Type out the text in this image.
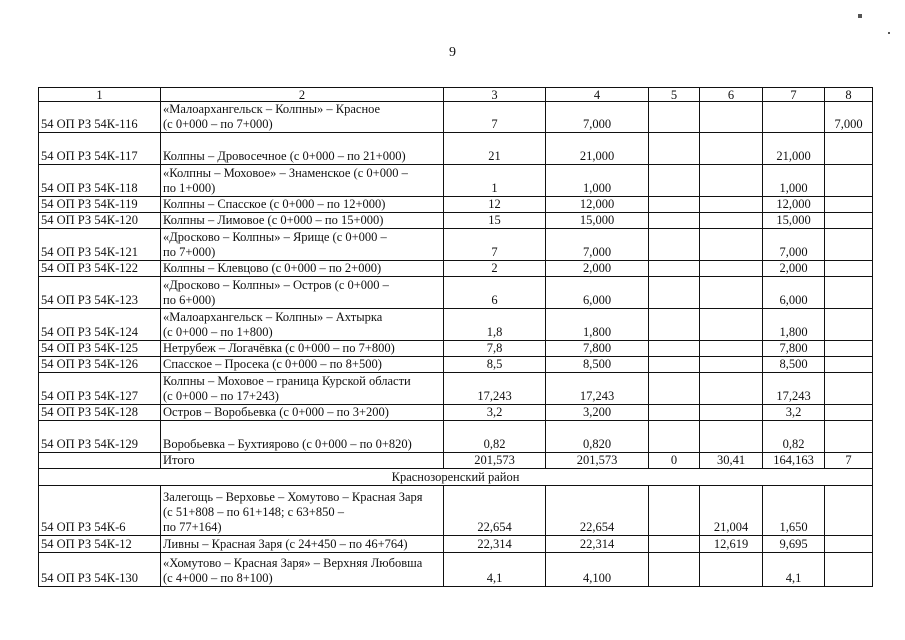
9
1	2	3	4	5	6	7	8
54 ОП РЗ 54К-116	«Малоархангельск – Колпны» – Красное
(с 0+000 – по 7+000)	7	7,000				7,000
54 ОП РЗ 54К-117	Колпны – Дровосечное (с 0+000 – по 21+000)	21	21,000			21,000	
54 ОП РЗ 54К-118	«Колпны – Моховое» – Знаменское (с 0+000 –
по 1+000)	1	1,000			1,000	
54 ОП РЗ 54К-119	Колпны – Спасское (с 0+000 – по 12+000)	12	12,000			12,000	
54 ОП РЗ 54К-120	Колпны – Лимовое (с 0+000 – по 15+000)	15	15,000			15,000	
54 ОП РЗ 54К-121	«Дросково – Колпны» – Ярище (с 0+000 –
по 7+000)	7	7,000			7,000	
54 ОП РЗ 54К-122	Колпны – Клевцово (с 0+000 – по 2+000)	2	2,000			2,000	
54 ОП РЗ 54К-123	«Дросково – Колпны» – Остров (с 0+000 –
по 6+000)	6	6,000			6,000	
54 ОП РЗ 54К-124	«Малоархангельск – Колпны» – Ахтырка
(с 0+000 – по 1+800)	1,8	1,800			1,800	
54 ОП РЗ 54К-125	Нетрубеж – Логачёвка (с 0+000 – по 7+800)	7,8	7,800			7,800	
54 ОП РЗ 54К-126	Спасское – Просека (с 0+000 – по 8+500)	8,5	8,500			8,500	
54 ОП РЗ 54К-127	Колпны – Моховое – граница Курской области
(с 0+000 – по 17+243)	17,243	17,243			17,243	
54 ОП РЗ 54К-128	Остров – Воробьевка (с 0+000 – по 3+200)	3,2	3,200			3,2	
54 ОП РЗ 54К-129	Воробьевка – Бухтиярово (с 0+000 – по 0+820)	0,82	0,820			0,82	
	Итого	201,573	201,573	0	30,41	164,163	7
Краснозоренский район							
54 ОП РЗ 54К-6	Залегощь – Верховье – Хомутово – Красная Заря
(с 51+808 – по 61+148; с 63+850 –
по 77+164)	22,654	22,654		21,004	1,650	
54 ОП РЗ 54К-12	Ливны – Красная Заря (с 24+450 – по 46+764)	22,314	22,314		12,619	9,695	
54 ОП РЗ 54К-130	«Хомутово – Красная Заря» – Верхняя Любовша
(с 4+000 – по 8+100)	4,1	4,100			4,1	
